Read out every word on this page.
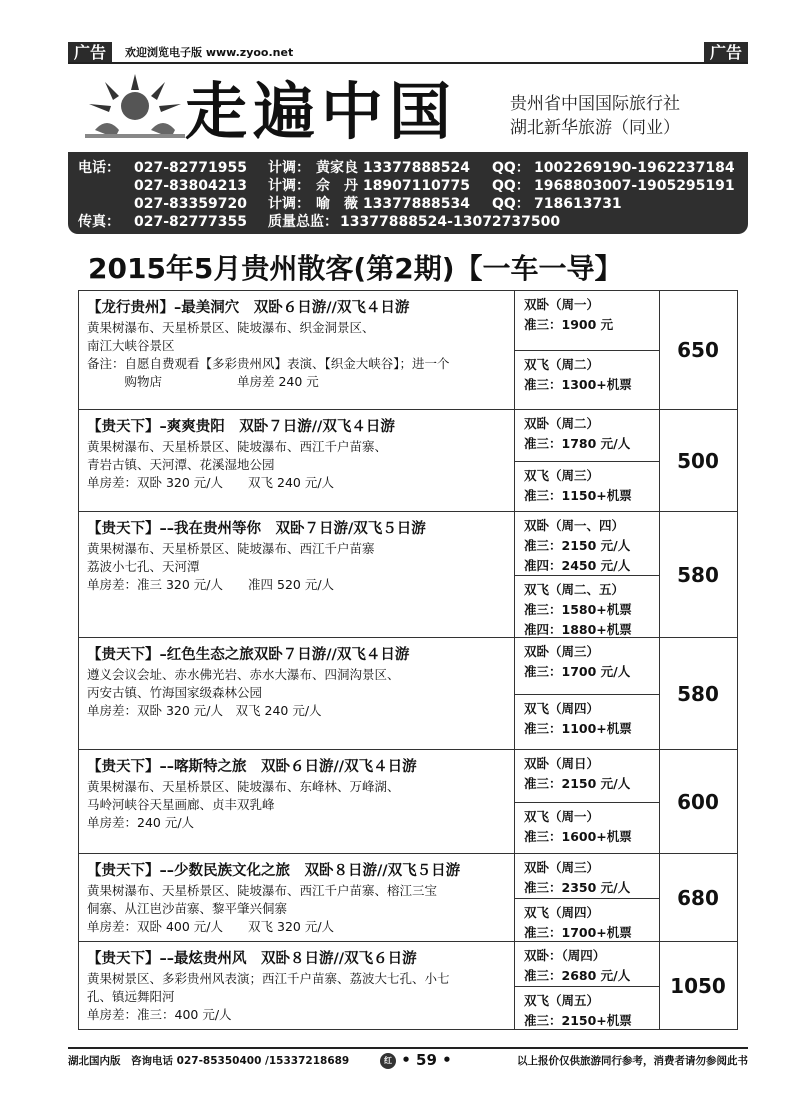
广告	广告
欢迎浏览电子版 www.zyoo.net
走遍中国	贵州省中国国际旅行社
湖北新华旅游（同业）
电话： 027-82771955 计调： 黄家良 13377888524 QQ： 1002269190-1962237184
027-83804213 计调： 佘　丹 18907110775 QQ： 1968803007-1905295191
027-83359720 计调： 喻　薇 13377888534 QQ： 718613731
传真： 027-82777355 质量总监： 13377888524-13072737500
2015年5月贵州散客(第2期)【一车一导】
【龙行贵州】–最美洞穴　双卧６日游//双飞４日游
黄果树瀑布、天星桥景区、陡坡瀑布、织金洞景区、
南江大峡谷景区
备注：自愿自费观看【多彩贵州风】表演、【织金大峡谷】；进一个
　　　购物店　　　　　　单房差 240 元
双卧（周一）
准三：1900 元
双飞（周二）
准三：1300+机票
650
【贵天下】–爽爽贵阳　双卧７日游//双飞４日游
黄果树瀑布、天星桥景区、陡坡瀑布、西江千户苗寨、
青岩古镇、天河潭、花溪湿地公园
单房差：双卧 320 元/人　　双飞 240 元/人
双卧（周二）
准三：1780 元/人
双飞（周三）
准三：1150+机票
500
【贵天下】––我在贵州等你　双卧７日游/双飞５日游
黄果树瀑布、天星桥景区、陡坡瀑布、西江千户苗寨
荔波小七孔、天河潭
单房差：准三 320 元/人　　准四 520 元/人
双卧（周一、四）
准三：2150 元/人
准四：2450 元/人
双飞（周二、五）
准三：1580+机票
准四：1880+机票
580
【贵天下】–红色生态之旅双卧７日游//双飞４日游
遵义会议会址、赤水佛光岩、赤水大瀑布、四洞沟景区、
丙安古镇、竹海国家级森林公园
单房差：双卧 320 元/人　双飞 240 元/人
双卧（周三）
准三：1700 元/人
双飞（周四）
准三：1100+机票
580
【贵天下】––喀斯特之旅　双卧６日游//双飞４日游
黄果树瀑布、天星桥景区、陡坡瀑布、东峰林、万峰湖、
马岭河峡谷天星画廊、贞丰双乳峰
单房差：240 元/人
双卧（周日）
准三：2150 元/人
双飞（周一）
准三：1600+机票
600
【贵天下】––少数民族文化之旅　双卧８日游//双飞５日游
黄果树瀑布、天星桥景区、陡坡瀑布、西江千户苗寨、榕江三宝
侗寨、从江岜沙苗寨、黎平肇兴侗寨
单房差：双卧 400 元/人　　双飞 320 元/人
双卧（周三）
准三：2350 元/人
双飞（周四）
准三：1700+机票
680
【贵天下】––最炫贵州风　双卧８日游//双飞６日游
黄果树景区、多彩贵州风表演；西江千户苗寨、荔波大七孔、小七
孔、镇远舞阳河
单房差：准三：400 元/人
双卧：（周四）
准三：2680 元/人
双飞（周五）
准三：2150+机票
1050
湖北国内版　咨询电话 027-85350400 /15337218689	红 • 59 •	以上报价仅供旅游同行参考，消费者请勿参阅此书
